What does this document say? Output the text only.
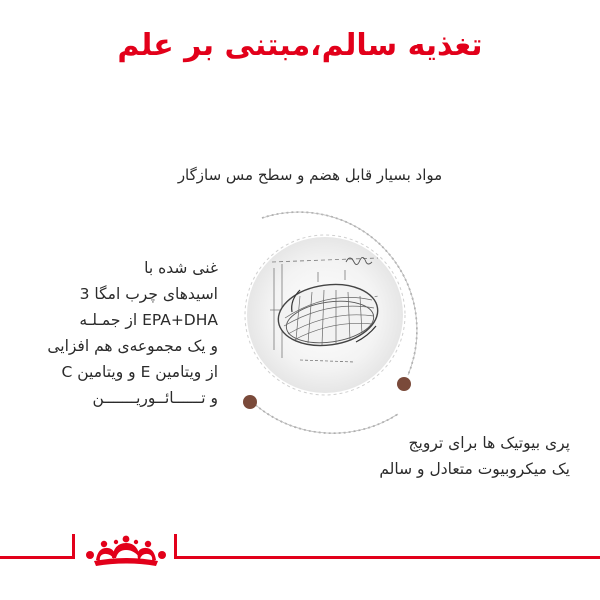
تغذیه سالم،مبتنی بر علم
مواد بسیار قابل هضم و سطح مس سازگار
غنی شده با
اسیدهای چرب امگا 3
EPA+DHA از جمـلـه
و یک مجموعه‌ی هم افزایی
از ویتامین E و ویتامین C
و تــــــائــوریـــــــن
پری بیوتیک ها برای ترویج
یک میکروبیوت متعادل و سالم
